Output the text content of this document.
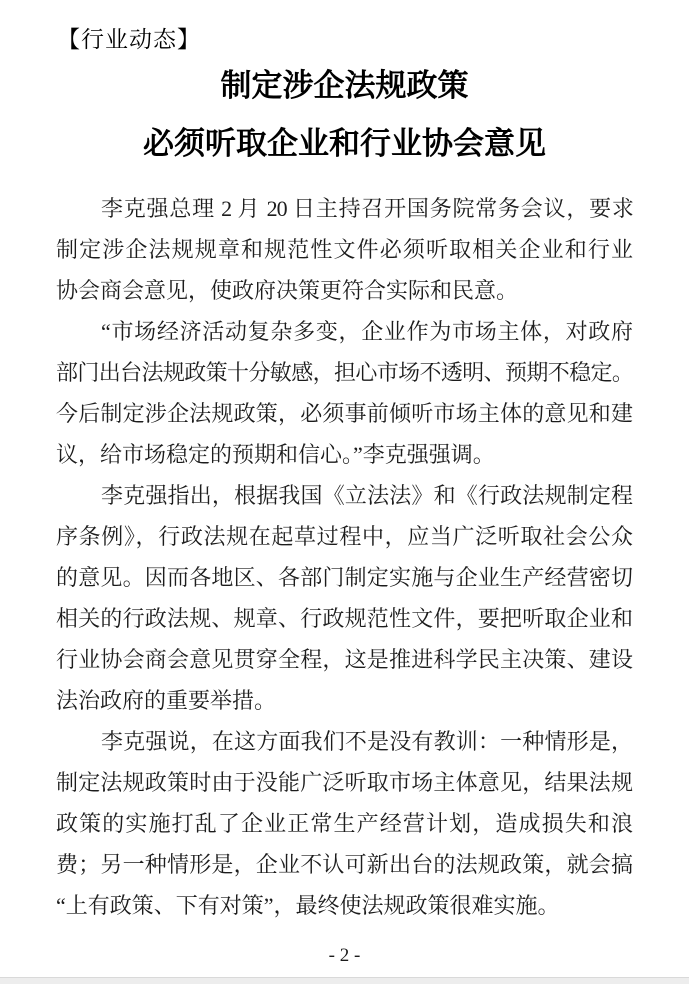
【行业动态】
制定涉企法规政策
必须听取企业和行业协会意见

李克强总理 2 月 20 日主持召开国务院常务会议，要求
制定涉企法规规章和规范性文件必须听取相关企业和行业
协会商会意见，使政府决策更符合实际和民意。

“市场经济活动复杂多变，企业作为市场主体，对政府
部门出台法规政策十分敏感，担心市场不透明、预期不稳定。
今后制定涉企法规政策，必须事前倾听市场主体的意见和建
议，给市场稳定的预期和信心。”李克强强调。

李克强指出，根据我国《立法法》和《行政法规制定程
序条例》，行政法规在起草过程中，应当广泛听取社会公众
的意见。因而各地区、各部门制定实施与企业生产经营密切
相关的行政法规、规章、行政规范性文件，要把听取企业和
行业协会商会意见贯穿全程，这是推进科学民主决策、建设
法治政府的重要举措。

李克强说，在这方面我们不是没有教训：一种情形是，
制定法规政策时由于没能广泛听取市场主体意见，结果法规
政策的实施打乱了企业正常生产经营计划，造成损失和浪
费；另一种情形是，企业不认可新出台的法规政策，就会搞
“上有政策、下有对策”，最终使法规政策很难实施。

- 2 -
